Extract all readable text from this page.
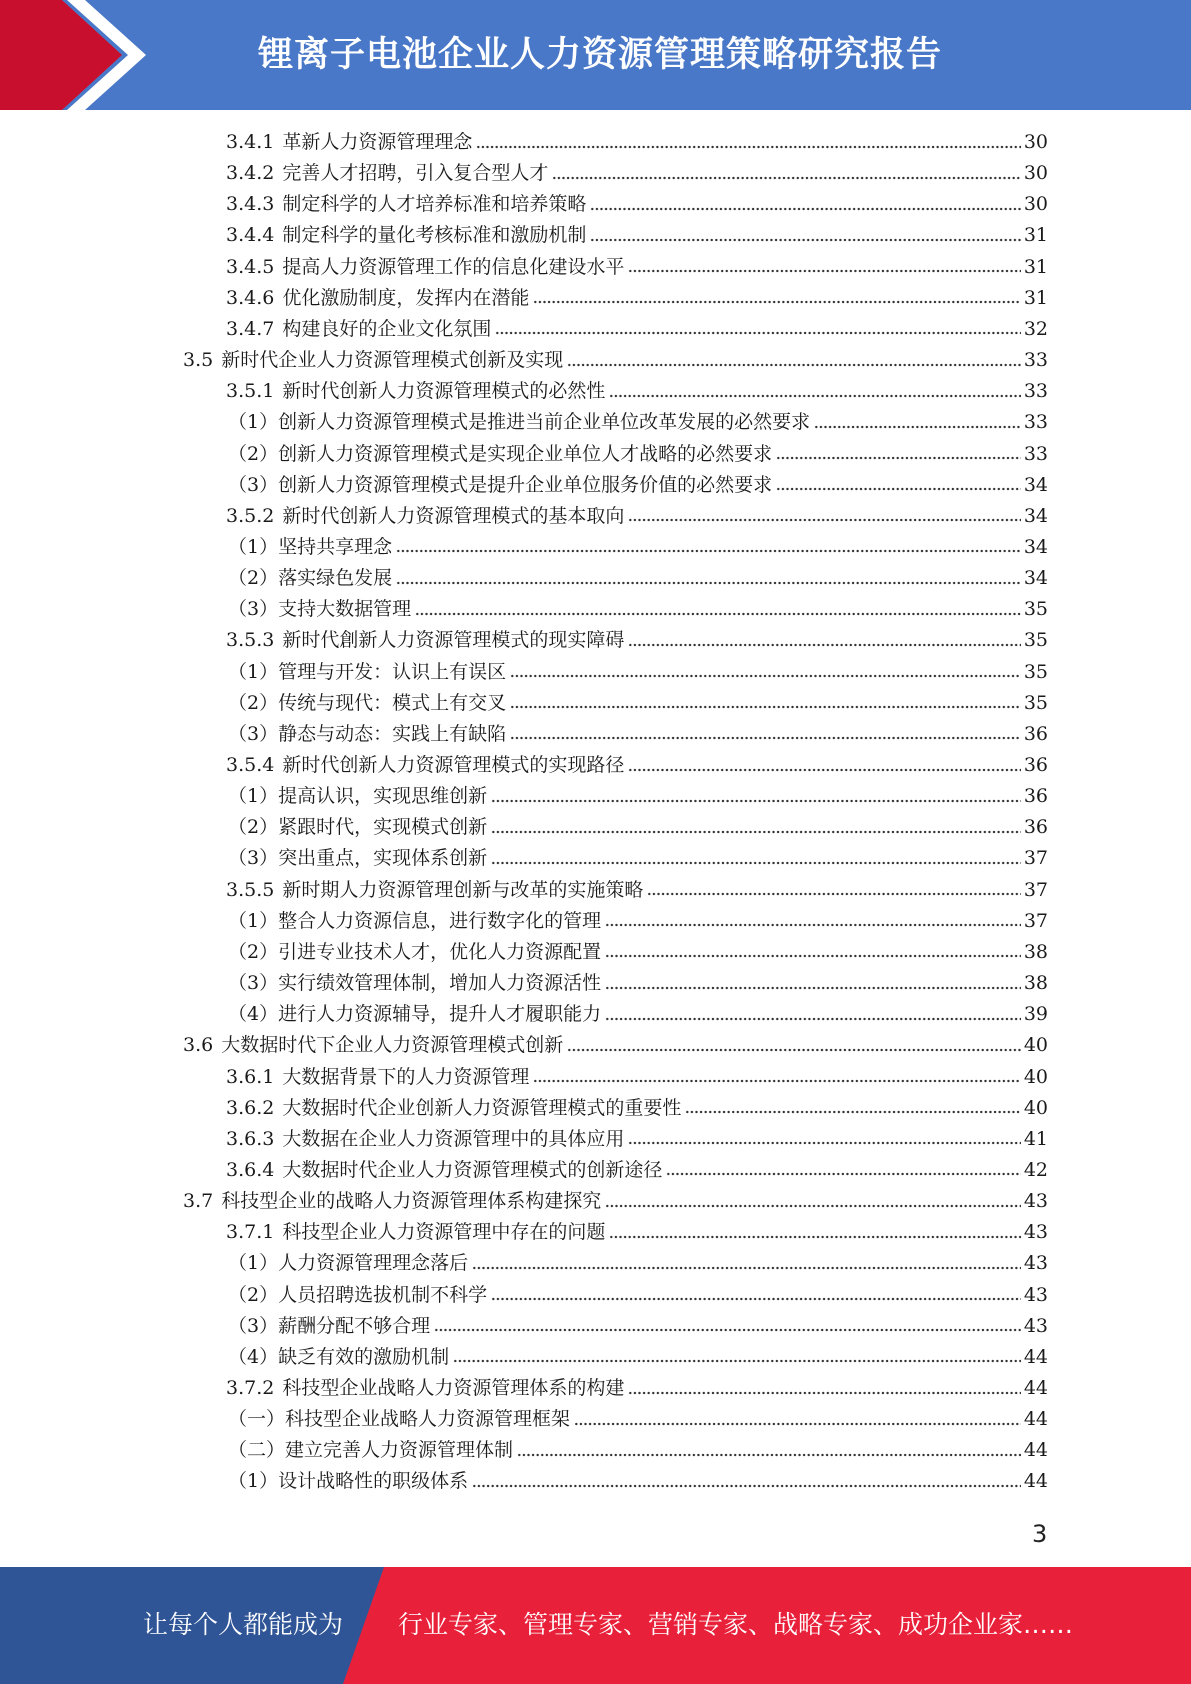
锂离子电池企业人力资源管理策略研究报告
3.4.1 革新人力资源管理理念	30
3.4.2 完善人才招聘，引入复合型人才	30
3.4.3 制定科学的人才培养标准和培养策略	30
3.4.4 制定科学的量化考核标准和激励机制	31
3.4.5 提高人力资源管理工作的信息化建设水平	31
3.4.6 优化激励制度，发挥内在潜能	31
3.4.7 构建良好的企业文化氛围	32
3.5 新时代企业人力资源管理模式创新及实现	33
3.5.1 新时代创新人力资源管理模式的必然性	33
（1） 创新人力资源管理模式是推进当前企业单位改革发展的必然要求	33
（2） 创新人力资源管理模式是实现企业单位人才战略的必然要求	33
（3） 创新人力资源管理模式是提升企业单位服务价值的必然要求	34
3.5.2 新时代创新人力资源管理模式的基本取向	34
（1） 坚持共享理念	34
（2） 落实绿色发展	34
（3） 支持大数据管理	35
3.5.3 新时代創新人力资源管理模式的现实障碍	35
（1） 管理与开发：认识上有误区	35
（2） 传统与现代：模式上有交叉	35
（3） 静态与动态：实践上有缺陷	36
3.5.4 新时代创新人力资源管理模式的实现路径	36
（1） 提高认识，实现思维创新	36
（2） 紧跟时代，实现模式创新	36
（3） 突出重点，实现体系创新	37
3.5.5 新时期人力资源管理创新与改革的实施策略	37
（1） 整合人力资源信息，进行数字化的管理	37
（2） 引进专业技术人才，优化人力资源配置	38
（3） 实行绩效管理体制，增加人力资源活性	38
（4） 进行人力资源辅导，提升人才履职能力	39
3.6 大数据时代下企业人力资源管理模式创新	40
3.6.1 大数据背景下的人力资源管理	40
3.6.2 大数据时代企业创新人力资源管理模式的重要性	40
3.6.3 大数据在企业人力资源管理中的具体应用	41
3.6.4 大数据时代企业人力资源管理模式的创新途径	42
3.7 科技型企业的战略人力资源管理体系构建探究	43
3.7.1 科技型企业人力资源管理中存在的问题	43
（1） 人力资源管理理念落后	43
（2） 人员招聘选拔机制不科学	43
（3） 薪酬分配不够合理	43
（4） 缺乏有效的激励机制	44
3.7.2 科技型企业战略人力资源管理体系的构建	44
（一） 科技型企业战略人力资源管理框架	44
（二） 建立完善人力资源管理体制	44
（1） 设计战略性的职级体系	44
3
让每个人都能成为 行业专家、管理专家、营销专家、战略专家、成功企业家……
